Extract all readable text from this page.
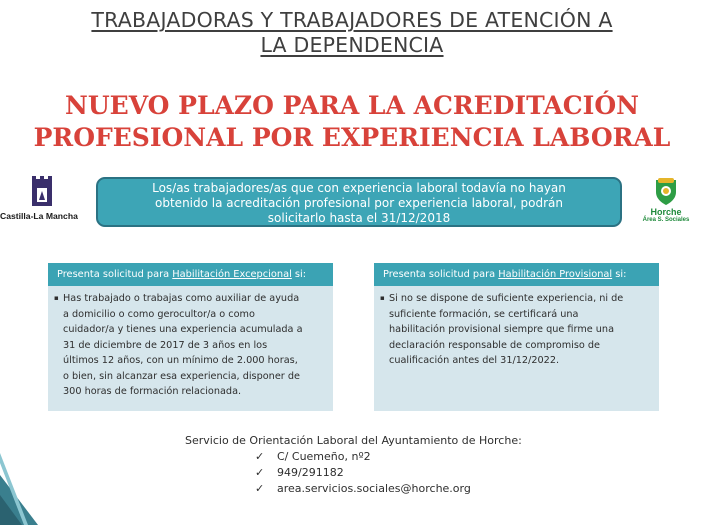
TRABAJADORAS Y TRABAJADORES DE ATENCIÓN A
LA DEPENDENCIA
NUEVO PLAZO PARA LA ACREDITACIÓN
PROFESIONAL POR EXPERIENCIA LABORAL
Castilla-La Mancha
Los/as trabajadores/as que con experiencia laboral todavía no hayan
obtenido la acreditación profesional por experiencia laboral, podrán
solicitarlo hasta el 31/12/2018	Horche
Área S. Sociales
Presenta solicitud para Habilitación Excepcional si:
▪ Has trabajado o trabajas como auxiliar de ayuda
a domicilio o como gerocultor/a o como
cuidador/a y tienes una experiencia acumulada a
31 de diciembre de 2017 de 3 años en los
últimos 12 años, con un mínimo de 2.000 horas,
o bien, sin alcanzar esa experiencia, disponer de
300 horas de formación relacionada.
Presenta solicitud para Habilitación Provisional si:
▪ Si no se dispone de suficiente experiencia, ni de
suficiente formación, se certificará una
habilitación provisional siempre que firme una
declaración responsable de compromiso de
cualificación antes del 31/12/2022.
Servicio de Orientación Laboral del Ayuntamiento de Horche:
✓ C/ Cuemeño, nº2
✓ 949/291182
✓ area.servicios.sociales@horche.org
